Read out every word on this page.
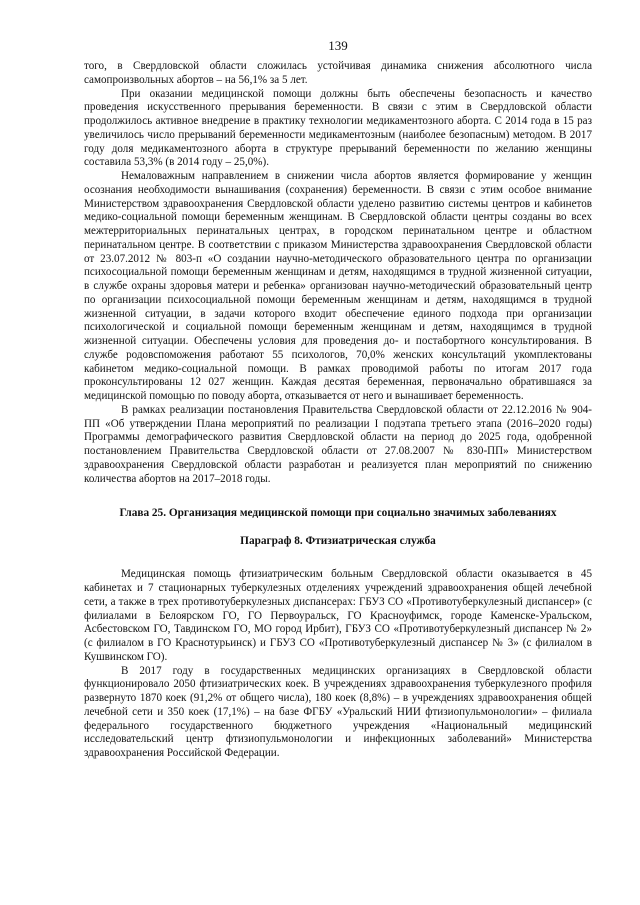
139

того, в Свердловской области сложилась устойчивая динамика снижения абсолютного числа самопроизвольных абортов – на 56,1% за 5 лет.

При оказании медицинской помощи должны быть обеспечены безопасность и качество проведения искусственного прерывания беременности. В связи с этим в Свердловской области продолжилось активное внедрение в практику технологии медикаментозного аборта. С 2014 года в 15 раз увеличилось число прерываний беременности медикаментозным (наиболее безопасным) методом. В 2017 году доля медикаментозного аборта в структуре прерываний беременности по желанию женщины составила 53,3% (в 2014 году – 25,0%).

Немаловажным направлением в снижении числа абортов является формирование у женщин осознания необходимости вынашивания (сохранения) беременности. В связи с этим особое внимание Министерством здравоохранения Свердловской области уделено развитию системы центров и кабинетов медико-социальной помощи беременным женщинам. В Свердловской области центры созданы во всех межтерриториальных перинатальных центрах, в городском перинатальном центре и областном перинатальном центре. В соответствии с приказом Министерства здравоохранения Свердловской области от 23.07.2012 № 803-п «О создании научно-методического образовательного центра по организации психосоциальной помощи беременным женщинам и детям, находящимся в трудной жизненной ситуации, в службе охраны здоровья матери и ребенка» организован научно-методический образовательный центр по организации психосоциальной помощи беременным женщинам и детям, находящимся в трудной жизненной ситуации, в задачи которого входит обеспечение единого подхода при организации психологической и социальной помощи беременным женщинам и детям, находящимся в трудной жизненной ситуации. Обеспечены условия для проведения до- и постабортного консультирования. В службе родовспоможения работают 55 психологов, 70,0% женских консультаций укомплектованы кабинетом медико-социальной помощи. В рамках проводимой работы по итогам 2017 года проконсультированы 12 027 женщин. Каждая десятая беременная, первоначально обратившаяся за медицинской помощью по поводу аборта, отказывается от него и вынашивает беременность.

В рамках реализации постановления Правительства Свердловской области от 22.12.2016 № 904-ПП «Об утверждении Плана мероприятий по реализации I подэтапа третьего этапа (2016–2020 годы) Программы демографического развития Свердловской области на период до 2025 года, одобренной постановлением Правительства Свердловской области от 27.08.2007 № 830-ПП» Министерством здравоохранения Свердловской области разработан и реализуется план мероприятий по снижению количества абортов на 2017–2018 годы.

Глава 25. Организация медицинской помощи при социально значимых заболеваниях
Параграф 8. Фтизиатрическая служба

Медицинская помощь фтизиатрическим больным Свердловской области оказывается в 45 кабинетах и 7 стационарных туберкулезных отделениях учреждений здравоохранения общей лечебной сети, а также в трех противотуберкулезных диспансерах: ГБУЗ СО «Противотуберкулезный диспансер» (с филиалами в Белоярском ГО, ГО Первоуральск, ГО Красноуфимск, городе Каменске-Уральском, Асбестовском ГО, Тавдинском ГО, МО город Ирбит), ГБУЗ СО «Противотуберкулезный диспансер № 2» (с филиалом в ГО Краснотурьинск) и ГБУЗ СО «Противотуберкулезный диспансер № 3» (с филиалом в Кушвинском ГО).

В 2017 году в государственных медицинских организациях в Свердловской области функционировало 2050 фтизиатрических коек. В учреждениях здравоохранения туберкулезного профиля развернуто 1870 коек (91,2% от общего числа), 180 коек (8,8%) – в учреждениях здравоохранения общей лечебной сети и 350 коек (17,1%) – на базе ФГБУ «Уральский НИИ фтизиопульмонологии» – филиала федерального государственного бюджетного учреждения «Национальный медицинский исследовательский центр фтизиопульмонологии и инфекционных заболеваний» Министерства здравоохранения Российской Федерации.
